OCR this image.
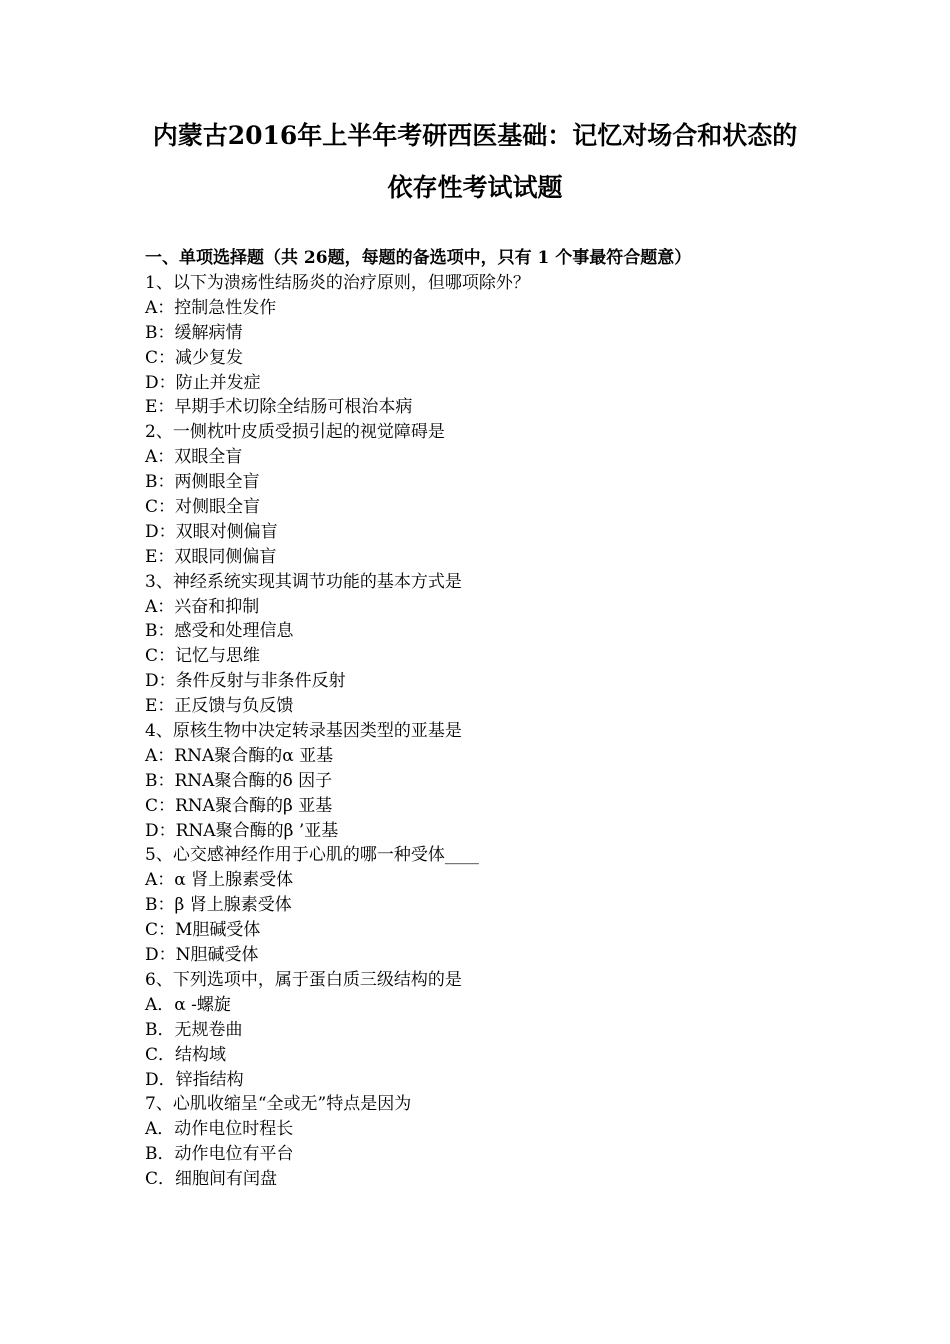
内蒙古2016年上半年考研西医基础：记忆对场合和状态的
依存性考试试题
一、单项选择题（共 26题，每题的备选项中，只有 1 个事最符合题意）
1、以下为溃疡性结肠炎的治疗原则，但哪项除外？
A：控制急性发作
B：缓解病情
C：减少复发
D：防止并发症
E：早期手术切除全结肠可根治本病
2、一侧枕叶皮质受损引起的视觉障碍是
A：双眼全盲
B：两侧眼全盲
C：对侧眼全盲
D：双眼对侧偏盲
E：双眼同侧偏盲
3、神经系统实现其调节功能的基本方式是
A：兴奋和抑制
B：感受和处理信息
C：记忆与思维
D：条件反射与非条件反射
E：正反馈与负反馈
4、原核生物中决定转录基因类型的亚基是
A：RNA聚合酶的α 亚基
B：RNA聚合酶的δ 因子
C：RNA聚合酶的β 亚基
D：RNA聚合酶的β ’亚基
5、心交感神经作用于心肌的哪一种受体____
A：α 肾上腺素受体
B：β 肾上腺素受体
C：M胆碱受体
D：N胆碱受体
6、下列选项中，属于蛋白质三级结构的是
A．α -螺旋
B．无规卷曲
C．结构域
D．锌指结构
7、心肌收缩呈“全或无”特点是因为
A．动作电位时程长
B．动作电位有平台
C．细胞间有闰盘
